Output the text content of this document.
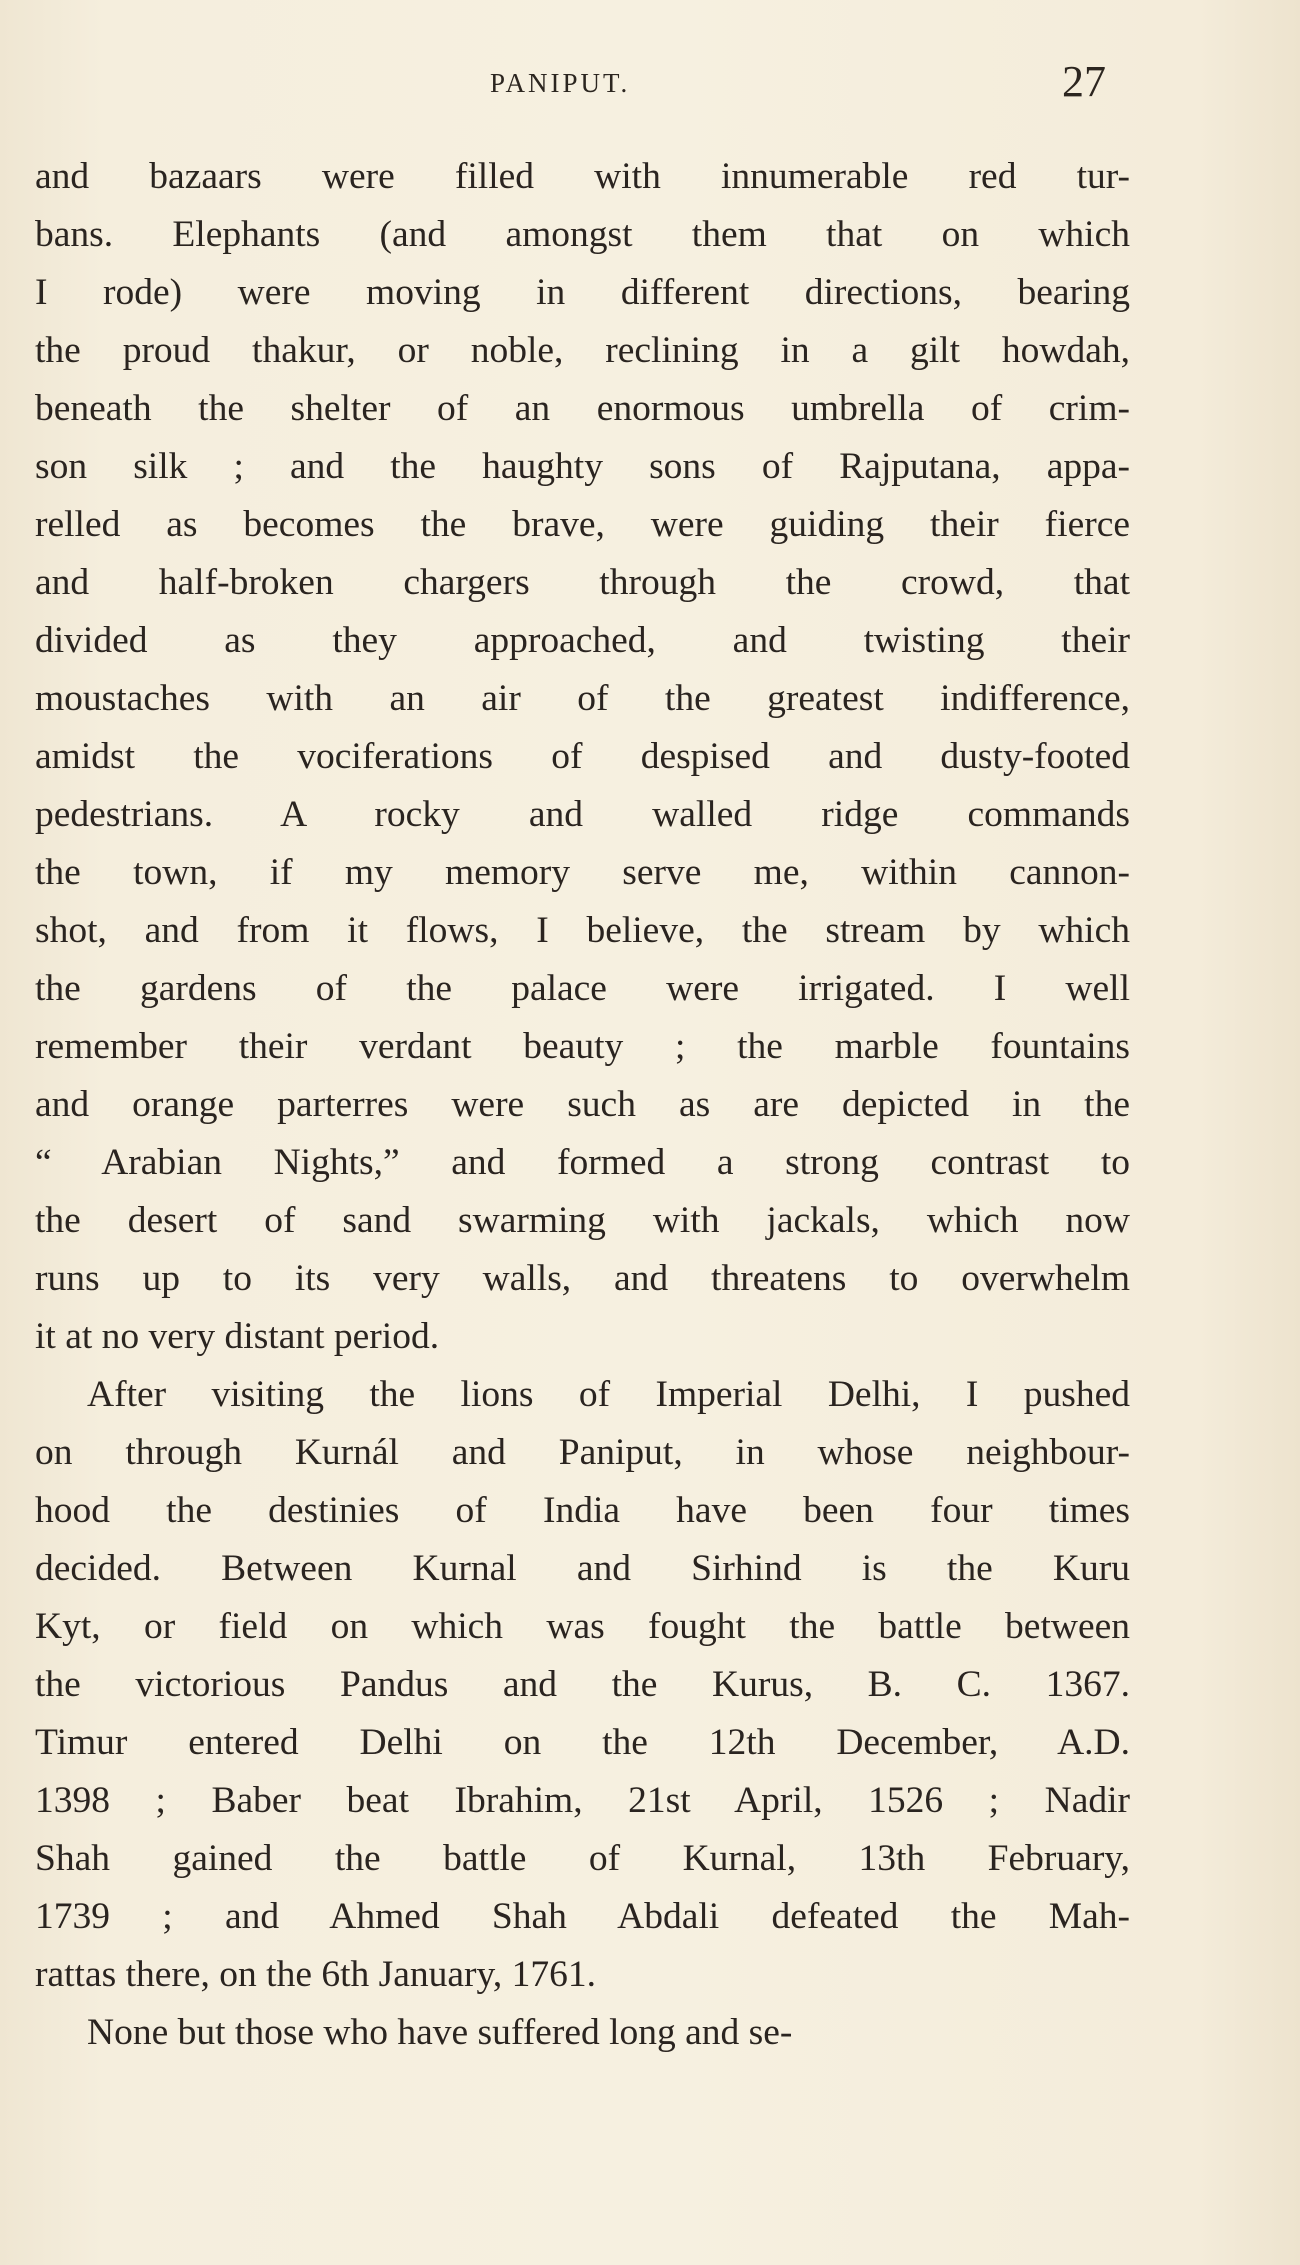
PANIPUT.	27
and bazaars were filled with innumerable red tur-
bans. Elephants (and amongst them that on which
I rode) were moving in different directions, bearing
the proud thakur, or noble, reclining in a gilt howdah,
beneath the shelter of an enormous umbrella of crim-
son silk ; and the haughty sons of Rajputana, appa-
relled as becomes the brave, were guiding their fierce
and half-broken chargers through the crowd, that
divided as they approached, and twisting their
moustaches with an air of the greatest indifference,
amidst the vociferations of despised and dusty-footed
pedestrians. A rocky and walled ridge commands
the town, if my memory serve me, within cannon-
shot, and from it flows, I believe, the stream by which
the gardens of the palace were irrigated. I well
remember their verdant beauty ; the marble fountains
and orange parterres were such as are depicted in the
“ Arabian Nights,” and formed a strong contrast to
the desert of sand swarming with jackals, which now
runs up to its very walls, and threatens to overwhelm
it at no very distant period.
After visiting the lions of Imperial Delhi, I pushed
on through Kurnál and Paniput, in whose neighbour-
hood the destinies of India have been four times
decided. Between Kurnal and Sirhind is the Kuru
Kyt, or field on which was fought the battle between
the victorious Pandus and the Kurus, B. C. 1367.
Timur entered Delhi on the 12th December, A.D.
1398 ; Baber beat Ibrahim, 21st April, 1526 ; Nadir
Shah gained the battle of Kurnal, 13th February,
1739 ; and Ahmed Shah Abdali defeated the Mah-
rattas there, on the 6th January, 1761.
None but those who have suffered long and se-
